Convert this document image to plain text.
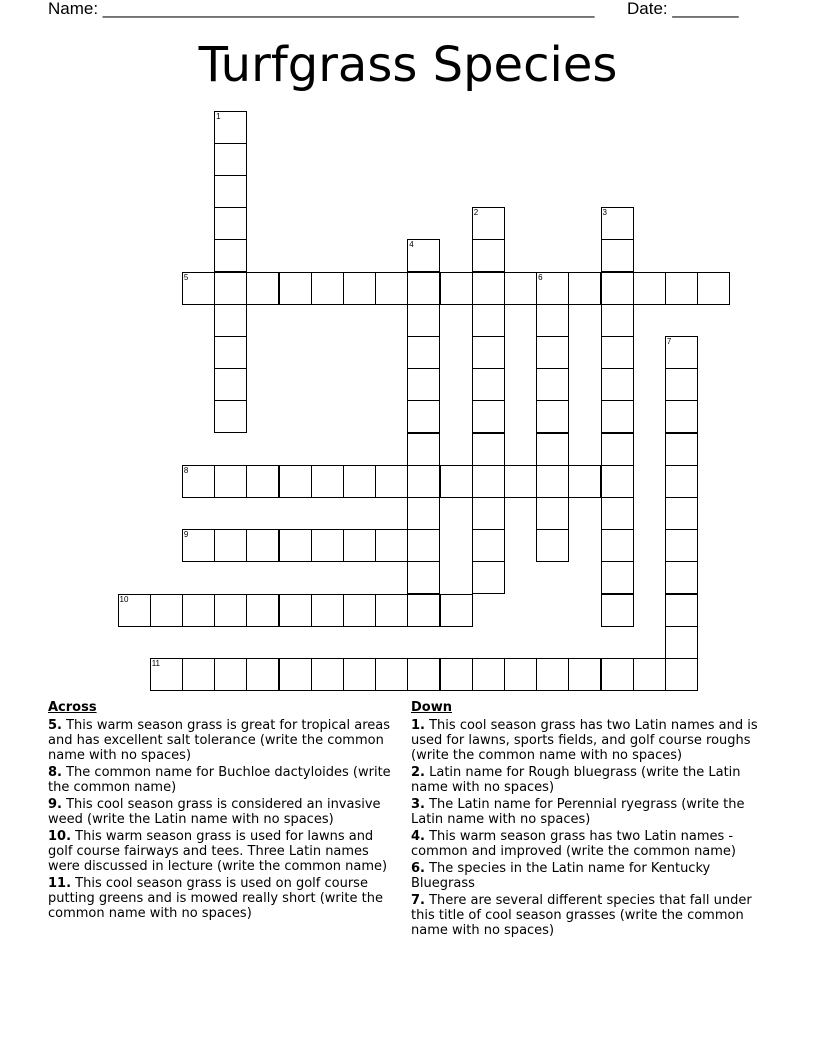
Name: ____________________________________________________ Date: _______
Turfgrass Species
1
2	3
4
5	6
7
8
9
10
11
Across
5. This warm season grass is great for tropical areas and has excellent salt tolerance (write the common name with no spaces)
8. The common name for Buchloe dactyloides (write the common name)
9. This cool season grass is considered an invasive weed (write the Latin name with no spaces)
10. This warm season grass is used for lawns and golf course fairways and tees. Three Latin names were discussed in lecture (write the common name)
11. This cool season grass is used on golf course putting greens and is mowed really short (write the common name with no spaces)
Down
1. This cool season grass has two Latin names and is used for lawns, sports fields, and golf course roughs (write the common name with no spaces)
2. Latin name for Rough bluegrass (write the Latin name with no spaces)
3. The Latin name for Perennial ryegrass (write the Latin name with no spaces)
4. This warm season grass has two Latin names - common and improved (write the common name)
6. The species in the Latin name for Kentucky Bluegrass
7. There are several different species that fall under this title of cool season grasses (write the common name with no spaces)
